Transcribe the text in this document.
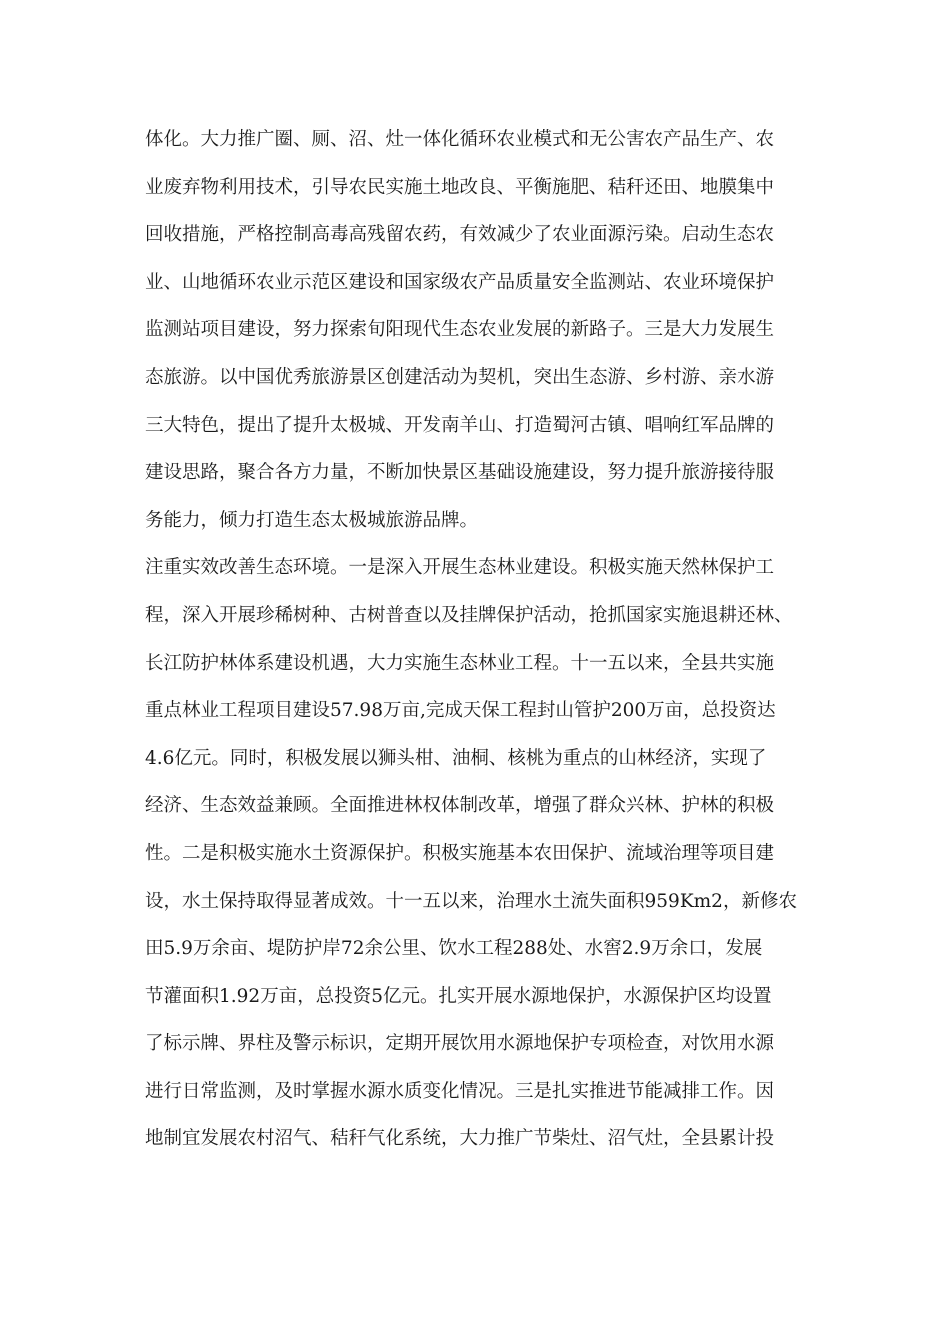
体化。大力推广圈、厕、沼、灶一体化循环农业模式和无公害农产品生产、农
业废弃物利用技术，引导农民实施土地改良、平衡施肥、秸秆还田、地膜集中
回收措施，严格控制高毒高残留农药，有效减少了农业面源污染。启动生态农
业、山地循环农业示范区建设和国家级农产品质量安全监测站、农业环境保护
监测站项目建设，努力探索旬阳现代生态农业发展的新路子。三是大力发展生
态旅游。以中国优秀旅游景区创建活动为契机，突出生态游、乡村游、亲水游
三大特色，提出了提升太极城、开发南羊山、打造蜀河古镇、唱响红军品牌的
建设思路，聚合各方力量，不断加快景区基础设施建设，努力提升旅游接待服
务能力，倾力打造生态太极城旅游品牌。
注重实效改善生态环境。一是深入开展生态林业建设。积极实施天然林保护工
程，深入开展珍稀树种、古树普查以及挂牌保护活动，抢抓国家实施退耕还林、
长江防护林体系建设机遇，大力实施生态林业工程。十一五以来，全县共实施
重点林业工程项目建设57.98万亩,完成天保工程封山管护200万亩，总投资达
4.6亿元。同时，积极发展以狮头柑、油桐、核桃为重点的山林经济，实现了
经济、生态效益兼顾。全面推进林权体制改革，增强了群众兴林、护林的积极
性。二是积极实施水土资源保护。积极实施基本农田保护、流域治理等项目建
设，水土保持取得显著成效。十一五以来，治理水土流失面积959Km2，新修农
田5.9万余亩、堤防护岸72余公里、饮水工程288处、水窖2.9万余口，发展
节灌面积1.92万亩，总投资5亿元。扎实开展水源地保护，水源保护区均设置
了标示牌、界柱及警示标识，定期开展饮用水源地保护专项检查，对饮用水源
进行日常监测，及时掌握水源水质变化情况。三是扎实推进节能减排工作。因
地制宜发展农村沼气、秸秆气化系统，大力推广节柴灶、沼气灶，全县累计投
